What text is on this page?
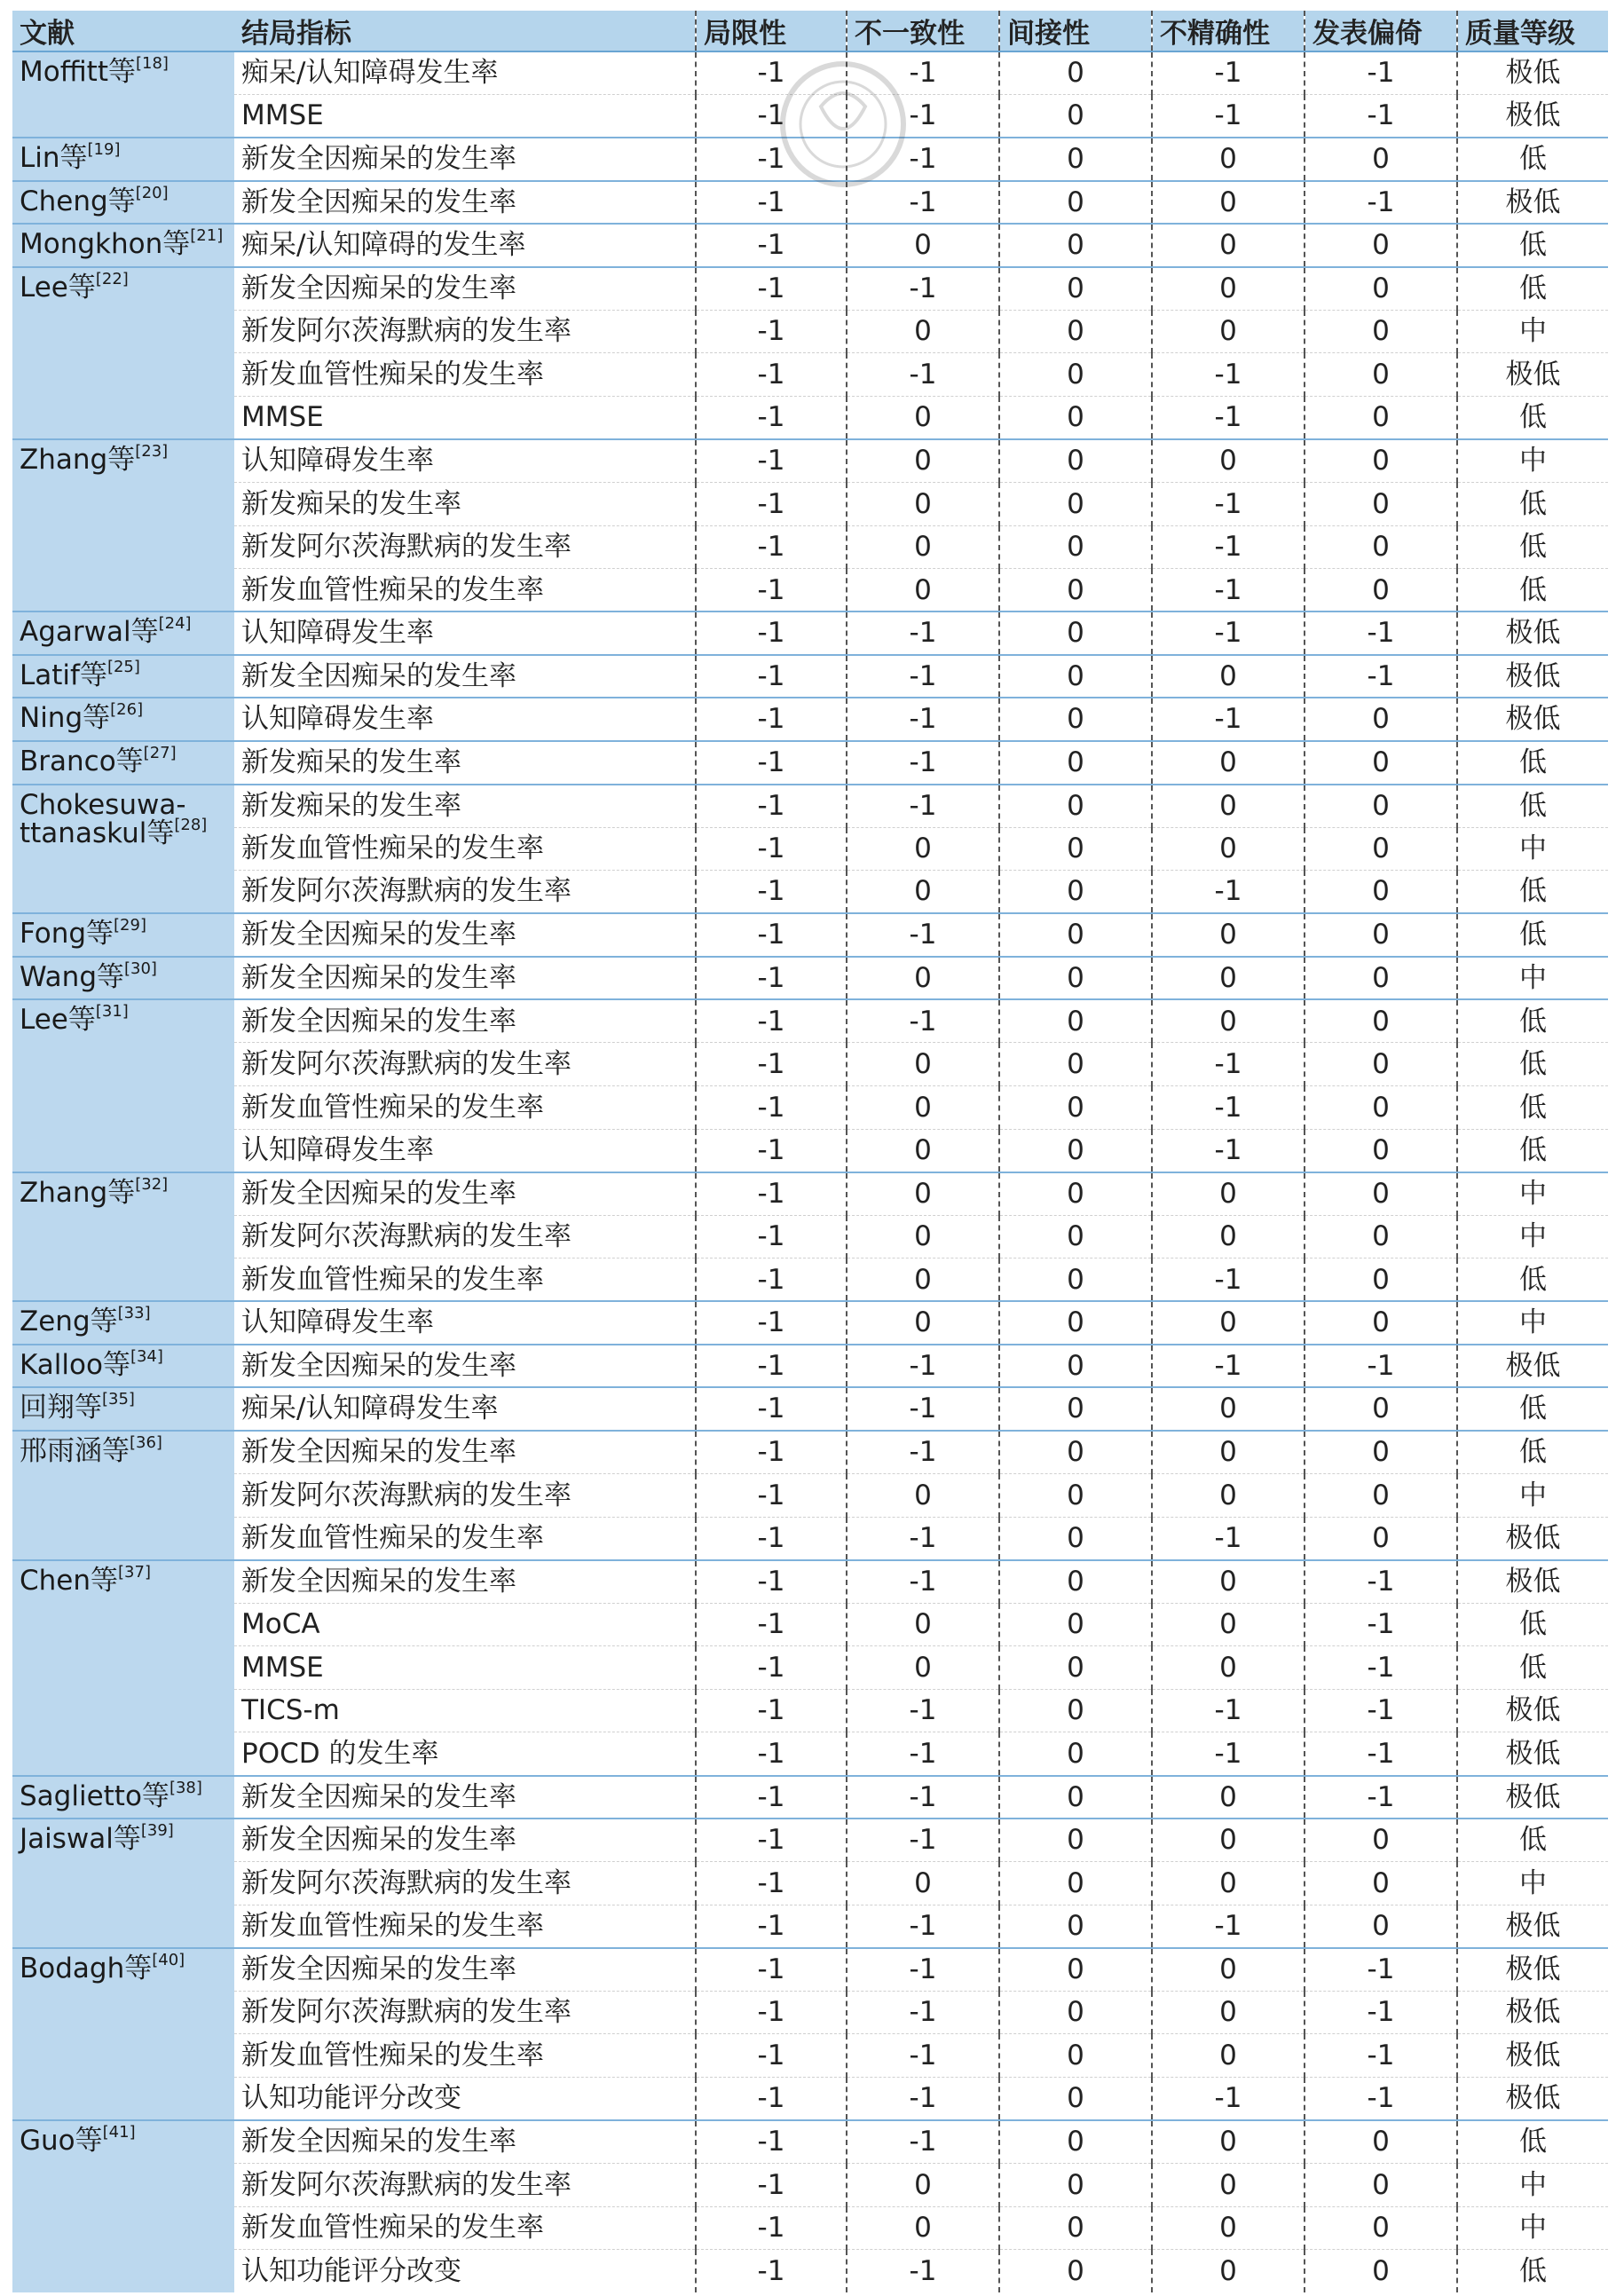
文献	结局指标	局限性	不一致性	间接性	不精确性	发表偏倚	质量等级
Moffitt等[18]	痴呆/认知障碍发生率	-1	-1	0	-1	-1	极低
	MMSE	-1	-1	0	-1	-1	极低
Lin等[19]	新发全因痴呆的发生率	-1	-1	0	0	0	低
Cheng等[20]	新发全因痴呆的发生率	-1	-1	0	0	-1	极低
Mongkhon等[21]	痴呆/认知障碍的发生率	-1	0	0	0	0	低
Lee等[22]	新发全因痴呆的发生率	-1	-1	0	0	0	低
	新发阿尔茨海默病的发生率	-1	0	0	0	0	中
	新发血管性痴呆的发生率	-1	-1	0	-1	0	极低
	MMSE	-1	0	0	-1	0	低
Zhang等[23]	认知障碍发生率	-1	0	0	0	0	中
	新发痴呆的发生率	-1	0	0	-1	0	低
	新发阿尔茨海默病的发生率	-1	0	0	-1	0	低
	新发血管性痴呆的发生率	-1	0	0	-1	0	低
Agarwal等[24]	认知障碍发生率	-1	-1	0	-1	-1	极低
Latif等[25]	新发全因痴呆的发生率	-1	-1	0	0	-1	极低
Ning等[26]	认知障碍发生率	-1	-1	0	-1	0	极低
Branco等[27]	新发痴呆的发生率	-1	-1	0	0	0	低
Chokesuwa-
ttanaskul等[28]	新发痴呆的发生率	-1	-1	0	0	0	低
	新发血管性痴呆的发生率	-1	0	0	0	0	中
	新发阿尔茨海默病的发生率	-1	0	0	-1	0	低
Fong等[29]	新发全因痴呆的发生率	-1	-1	0	0	0	低
Wang等[30]	新发全因痴呆的发生率	-1	0	0	0	0	中
Lee等[31]	新发全因痴呆的发生率	-1	-1	0	0	0	低
	新发阿尔茨海默病的发生率	-1	0	0	-1	0	低
	新发血管性痴呆的发生率	-1	0	0	-1	0	低
	认知障碍发生率	-1	0	0	-1	0	低
Zhang等[32]	新发全因痴呆的发生率	-1	0	0	0	0	中
	新发阿尔茨海默病的发生率	-1	0	0	0	0	中
	新发血管性痴呆的发生率	-1	0	0	-1	0	低
Zeng等[33]	认知障碍发生率	-1	0	0	0	0	中
Kalloo等[34]	新发全因痴呆的发生率	-1	-1	0	-1	-1	极低
回翔等[35]	痴呆/认知障碍发生率	-1	-1	0	0	0	低
邢雨涵等[36]	新发全因痴呆的发生率	-1	-1	0	0	0	低
	新发阿尔茨海默病的发生率	-1	0	0	0	0	中
	新发血管性痴呆的发生率	-1	-1	0	-1	0	极低
Chen等[37]	新发全因痴呆的发生率	-1	-1	0	0	-1	极低
	MoCA	-1	0	0	0	-1	低
	MMSE	-1	0	0	0	-1	低
	TICS-m	-1	-1	0	-1	-1	极低
	POCD 的发生率	-1	-1	0	-1	-1	极低
Saglietto等[38]	新发全因痴呆的发生率	-1	-1	0	0	-1	极低
Jaiswal等[39]	新发全因痴呆的发生率	-1	-1	0	0	0	低
	新发阿尔茨海默病的发生率	-1	0	0	0	0	中
	新发血管性痴呆的发生率	-1	-1	0	-1	0	极低
Bodagh等[40]	新发全因痴呆的发生率	-1	-1	0	0	-1	极低
	新发阿尔茨海默病的发生率	-1	-1	0	0	-1	极低
	新发血管性痴呆的发生率	-1	-1	0	0	-1	极低
	认知功能评分改变	-1	-1	0	-1	-1	极低
Guo等[41]	新发全因痴呆的发生率	-1	-1	0	0	0	低
	新发阿尔茨海默病的发生率	-1	0	0	0	0	中
	新发血管性痴呆的发生率	-1	0	0	0	0	中
	认知功能评分改变	-1	-1	0	0	0	低
